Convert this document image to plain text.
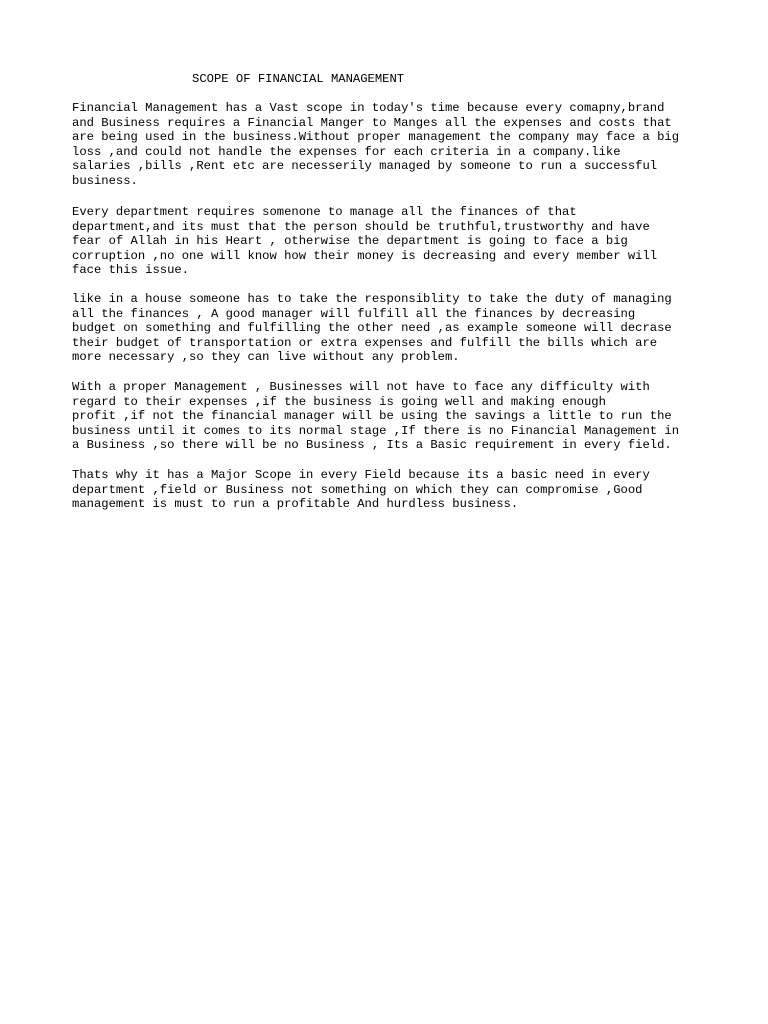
SCOPE OF FINANCIAL MANAGEMENT

Financial Management has a Vast scope in today's time because every comapny,brand
and Business requires a Financial Manger to Manges all the expenses and costs that
are being used in the business.Without proper management the company may face a big
loss ,and could not handle the expenses for each criteria in a company.like
salaries ,bills ,Rent etc are necesserily managed by someone to run a successful
business.

Every department requires somenone to manage all the finances of that
department,and its must that the person should be truthful,trustworthy and have
fear of Allah in his Heart , otherwise the department is going to face a big
corruption ,no one will know how their money is decreasing and every member will
face this issue.

like in a house someone has to take the responsiblity to take the duty of managing
all the finances , A good manager will fulfill all the finances by decreasing
budget on something and fulfilling the other need ,as example someone will decrase
their budget of transportation or extra expenses and fulfill the bills which are
more necessary ,so they can live without any problem.

With a proper Management , Businesses will not have to face any difficulty with
regard to their expenses ,if the business is going well and making enough
profit ,if not the financial manager will be using the savings a little to run the
business until it comes to its normal stage ,If there is no Financial Management in
a Business ,so there will be no Business , Its a Basic requirement in every field.

Thats why it has a Major Scope in every Field because its a basic need in every
department ,field or Business not something on which they can compromise ,Good
management is must to run a profitable And hurdless business.
